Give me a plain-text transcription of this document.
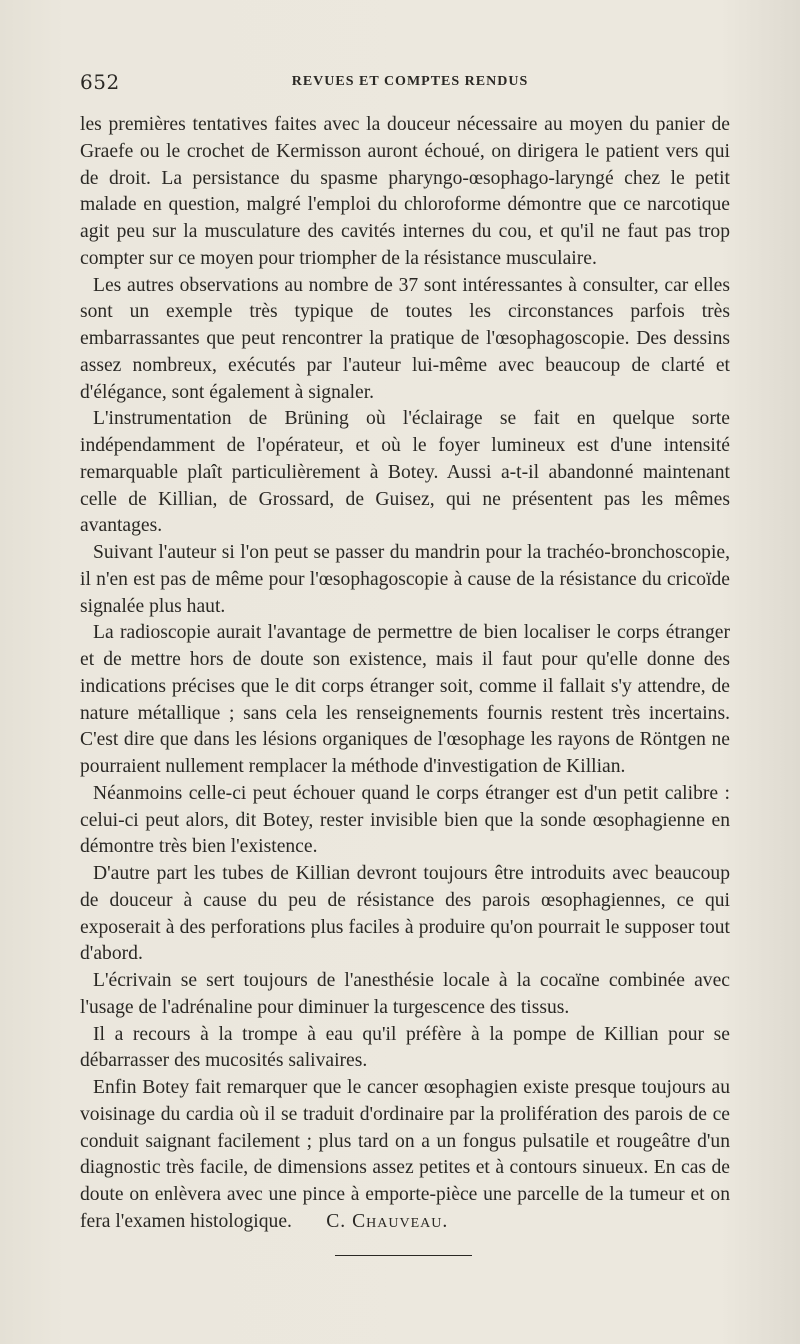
652	REVUES ET COMPTES RENDUS

les premières tentatives faites avec la douceur nécessaire au moyen du panier de Graefe ou le crochet de Kermisson auront échoué, on dirigera le patient vers qui de droit. La persistance du spasme pharyngo-œsophago-laryngé chez le petit malade en question, malgré l'emploi du chloroforme démontre que ce narcotique agit peu sur la musculature des cavités internes du cou, et qu'il ne faut pas trop compter sur ce moyen pour triompher de la résistance musculaire.

Les autres observations au nombre de 37 sont intéressantes à consulter, car elles sont un exemple très typique de toutes les circonstances parfois très embarrassantes que peut rencontrer la pratique de l'œsophagoscopie. Des dessins assez nombreux, exécutés par l'auteur lui-même avec beaucoup de clarté et d'élégance, sont également à signaler.

L'instrumentation de Brüning où l'éclairage se fait en quelque sorte indépendamment de l'opérateur, et où le foyer lumineux est d'une intensité remarquable plaît particulièrement à Botey. Aussi a-t-il abandonné maintenant celle de Killian, de Grossard, de Guisez, qui ne présentent pas les mêmes avantages.

Suivant l'auteur si l'on peut se passer du mandrin pour la trachéo-bronchoscopie, il n'en est pas de même pour l'œsophagoscopie à cause de la résistance du cricoïde signalée plus haut.

La radioscopie aurait l'avantage de permettre de bien localiser le corps étranger et de mettre hors de doute son existence, mais il faut pour qu'elle donne des indications précises que le dit corps étranger soit, comme il fallait s'y attendre, de nature métallique ; sans cela les renseignements fournis restent très incertains. C'est dire que dans les lésions organiques de l'œsophage les rayons de Röntgen ne pourraient nullement remplacer la méthode d'investigation de Killian.

Néanmoins celle-ci peut échouer quand le corps étranger est d'un petit calibre : celui-ci peut alors, dit Botey, rester invisible bien que la sonde œsophagienne en démontre très bien l'existence.

D'autre part les tubes de Killian devront toujours être introduits avec beaucoup de douceur à cause du peu de résistance des parois œsophagiennes, ce qui exposerait à des perforations plus faciles à produire qu'on pourrait le supposer tout d'abord.

L'écrivain se sert toujours de l'anesthésie locale à la cocaïne combinée avec l'usage de l'adrénaline pour diminuer la turgescence des tissus.

Il a recours à la trompe à eau qu'il préfère à la pompe de Killian pour se débarrasser des mucosités salivaires.

Enfin Botey fait remarquer que le cancer œsophagien existe presque toujours au voisinage du cardia où il se traduit d'ordinaire par la prolifération des parois de ce conduit saignant facilement ; plus tard on a un fongus pulsatile et rougeâtre d'un diagnostic très facile, de dimensions assez petites et à contours sinueux. En cas de doute on enlèvera avec une pince à emporte-pièce une parcelle de la tumeur et on fera l'examen histologique. C. Chauveau.
